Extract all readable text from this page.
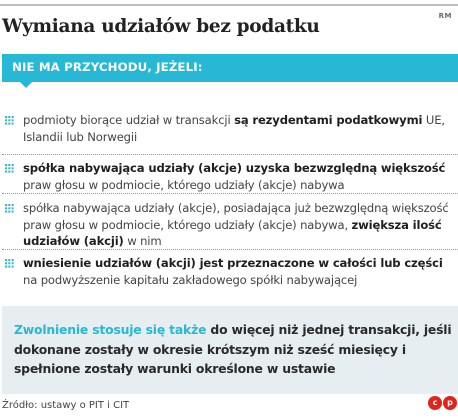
RM
Wymiana udziałów bez podatku
NIE MA PRZYCHODU, JEŻELI:

podmioty biorące udział w transakcji są rezydentami podatkowymi UE, Islandii lub Norwegii

spółka nabywająca udziały (akcje) uzyska bezwzględną większość praw głosu w podmiocie, którego udziały (akcje) nabywa

spółka nabywająca udziały (akcje), posiadająca już bezwzględną większość praw głosu w podmiocie, którego udziały (akcje) nabywa, zwiększa ilość udziałów (akcji) w nim

wniesienie udziałów (akcji) jest przeznaczone w całości lub części na podwyższenie kapitału zakładowego spółki nabywającej

Zwolnienie stosuje się także do więcej niż jednej transakcji, jeśli dokonane zostały w okresie krótszym niż sześć miesięcy i spełnione zostały warunki określone w ustawie

Źródło: ustawy o PIT i CIT	c	p
